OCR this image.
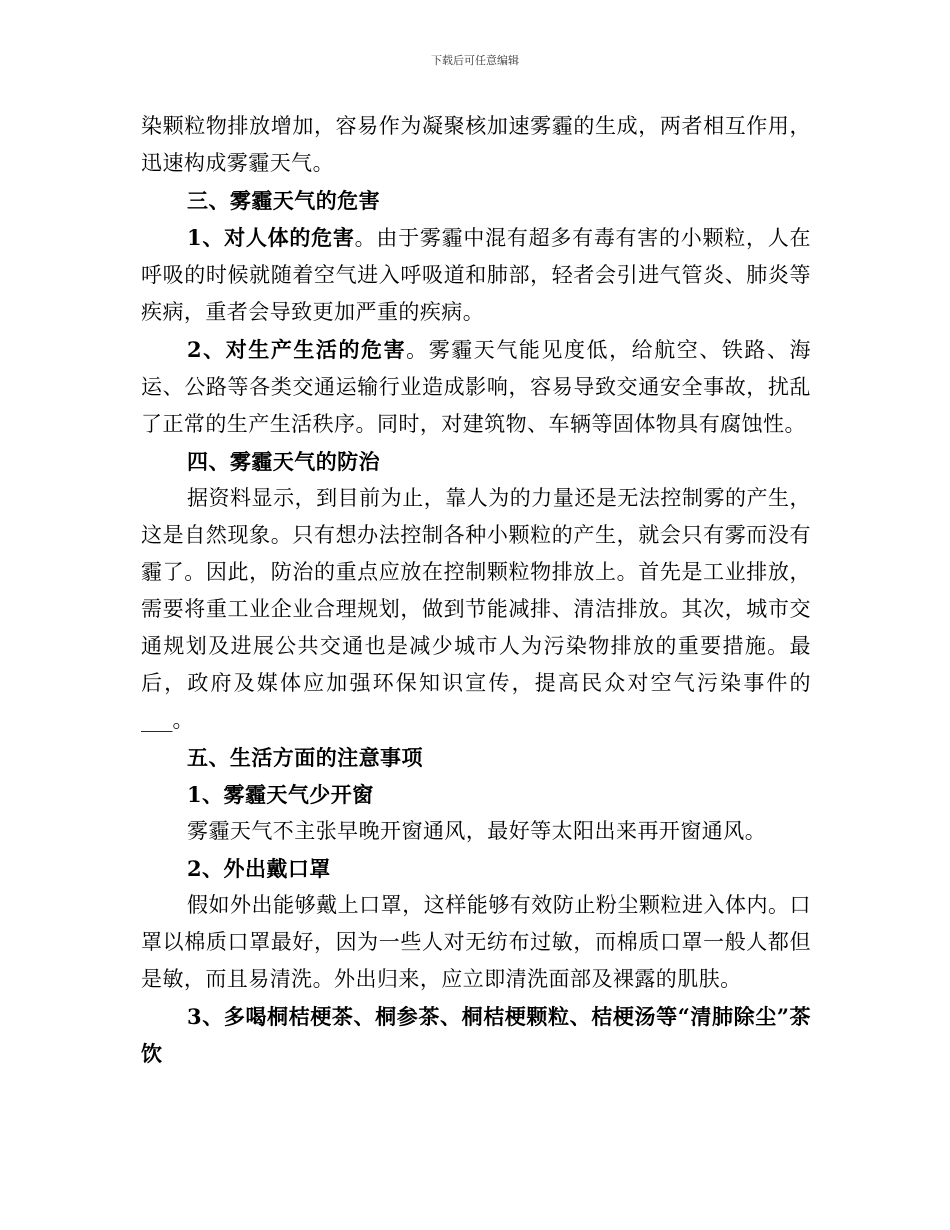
下载后可任意编辑

染颗粒物排放增加，容易作为凝聚核加速雾霾的生成，两者相互作用，迅速构成雾霾天气。

三、雾霾天气的危害

1、对人体的危害。由于雾霾中混有超多有毒有害的小颗粒，人在呼吸的时候就随着空气进入呼吸道和肺部，轻者会引进气管炎、肺炎等疾病，重者会导致更加严重的疾病。

2、对生产生活的危害。雾霾天气能见度低，给航空、铁路、海运、公路等各类交通运输行业造成影响，容易导致交通安全事故，扰乱了正常的生产生活秩序。同时，对建筑物、车辆等固体物具有腐蚀性。

四、雾霾天气的防治

据资料显示，到目前为止，靠人为的力量还是无法控制雾的产生，这是自然现象。只有想办法控制各种小颗粒的产生，就会只有雾而没有霾了。因此，防治的重点应放在控制颗粒物排放上。首先是工业排放，需要将重工业企业合理规划，做到节能减排、清洁排放。其次，城市交通规划及进展公共交通也是减少城市人为污染物排放的重要措施。最后，政府及媒体应加强环保知识宣传，提高民众对空气污染事件的___。

五、生活方面的注意事项

1、雾霾天气少开窗

雾霾天气不主张早晚开窗通风，最好等太阳出来再开窗通风。

2、外出戴口罩

假如外出能够戴上口罩，这样能够有效防止粉尘颗粒进入体内。口罩以棉质口罩最好，因为一些人对无纺布过敏，而棉质口罩一般人都但是敏，而且易清洗。外出归来，应立即清洗面部及裸露的肌肤。

3、多喝桐桔梗茶、桐参茶、桐桔梗颗粒、桔梗汤等“清肺除尘”茶饮
